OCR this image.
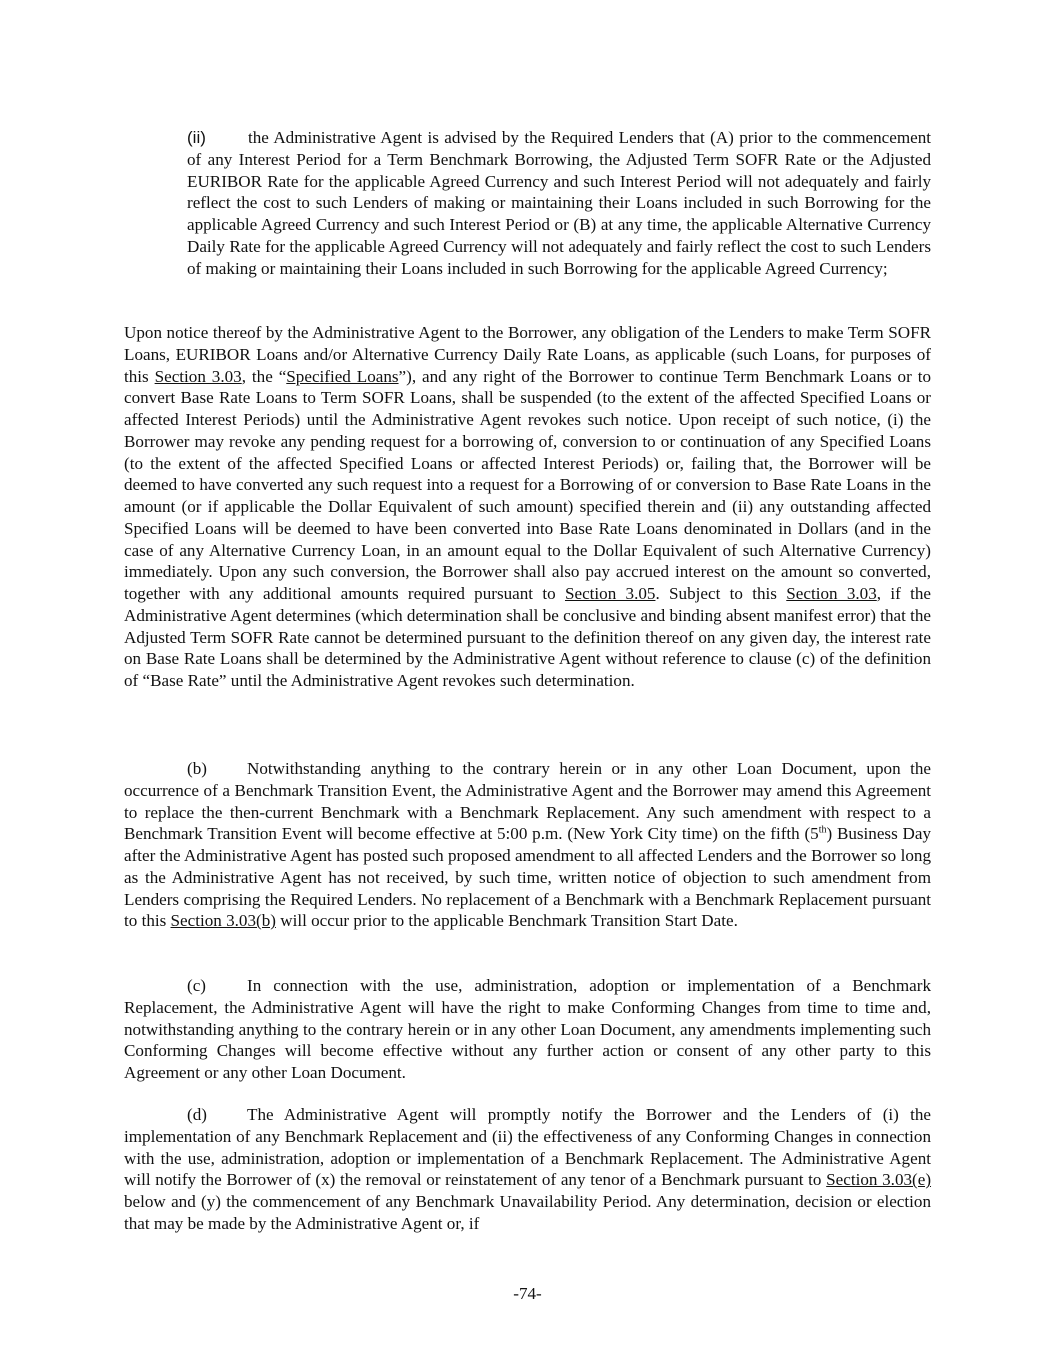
(ii) the Administrative Agent is advised by the Required Lenders that (A) prior to the commencement of any Interest Period for a Term Benchmark Borrowing, the Adjusted Term SOFR Rate or the Adjusted EURIBOR Rate for the applicable Agreed Currency and such Interest Period will not adequately and fairly reflect the cost to such Lenders of making or maintaining their Loans included in such Borrowing for the applicable Agreed Currency and such Interest Period or (B) at any time, the applicable Alternative Currency Daily Rate for the applicable Agreed Currency will not adequately and fairly reflect the cost to such Lenders of making or maintaining their Loans included in such Borrowing for the applicable Agreed Currency;

Upon notice thereof by the Administrative Agent to the Borrower, any obligation of the Lenders to make Term SOFR Loans, EURIBOR Loans and/or Alternative Currency Daily Rate Loans, as applicable (such Loans, for purposes of this Section 3.03, the “Specified Loans”), and any right of the Borrower to continue Term Benchmark Loans or to convert Base Rate Loans to Term SOFR Loans, shall be suspended (to the extent of the affected Specified Loans or affected Interest Periods) until the Administrative Agent revokes such notice. Upon receipt of such notice, (i) the Borrower may revoke any pending request for a borrowing of, conversion to or continuation of any Specified Loans (to the extent of the affected Specified Loans or affected Interest Periods) or, failing that, the Borrower will be deemed to have converted any such request into a request for a Borrowing of or conversion to Base Rate Loans in the amount (or if applicable the Dollar Equivalent of such amount) specified therein and (ii) any outstanding affected Specified Loans will be deemed to have been converted into Base Rate Loans denominated in Dollars (and in the case of any Alternative Currency Loan, in an amount equal to the Dollar Equivalent of such Alternative Currency) immediately. Upon any such conversion, the Borrower shall also pay accrued interest on the amount so converted, together with any additional amounts required pursuant to Section 3.05. Subject to this Section 3.03, if the Administrative Agent determines (which determination shall be conclusive and binding absent manifest error) that the Adjusted Term SOFR Rate cannot be determined pursuant to the definition thereof on any given day, the interest rate on Base Rate Loans shall be determined by the Administrative Agent without reference to clause (c) of the definition of “Base Rate” until the Administrative Agent revokes such determination.

(b) Notwithstanding anything to the contrary herein or in any other Loan Document, upon the occurrence of a Benchmark Transition Event, the Administrative Agent and the Borrower may amend this Agreement to replace the then-current Benchmark with a Benchmark Replacement. Any such amendment with respect to a Benchmark Transition Event will become effective at 5:00 p.m. (New York City time) on the fifth (5th) Business Day after the Administrative Agent has posted such proposed amendment to all affected Lenders and the Borrower so long as the Administrative Agent has not received, by such time, written notice of objection to such amendment from Lenders comprising the Required Lenders. No replacement of a Benchmark with a Benchmark Replacement pursuant to this Section 3.03(b) will occur prior to the applicable Benchmark Transition Start Date.

(c) In connection with the use, administration, adoption or implementation of a Benchmark Replacement, the Administrative Agent will have the right to make Conforming Changes from time to time and, notwithstanding anything to the contrary herein or in any other Loan Document, any amendments implementing such Conforming Changes will become effective without any further action or consent of any other party to this Agreement or any other Loan Document.

(d) The Administrative Agent will promptly notify the Borrower and the Lenders of (i) the implementation of any Benchmark Replacement and (ii) the effectiveness of any Conforming Changes in connection with the use, administration, adoption or implementation of a Benchmark Replacement. The Administrative Agent will notify the Borrower of (x) the removal or reinstatement of any tenor of a Benchmark pursuant to Section 3.03(e) below and (y) the commencement of any Benchmark Unavailability Period. Any determination, decision or election that may be made by the Administrative Agent or, if

-74-
